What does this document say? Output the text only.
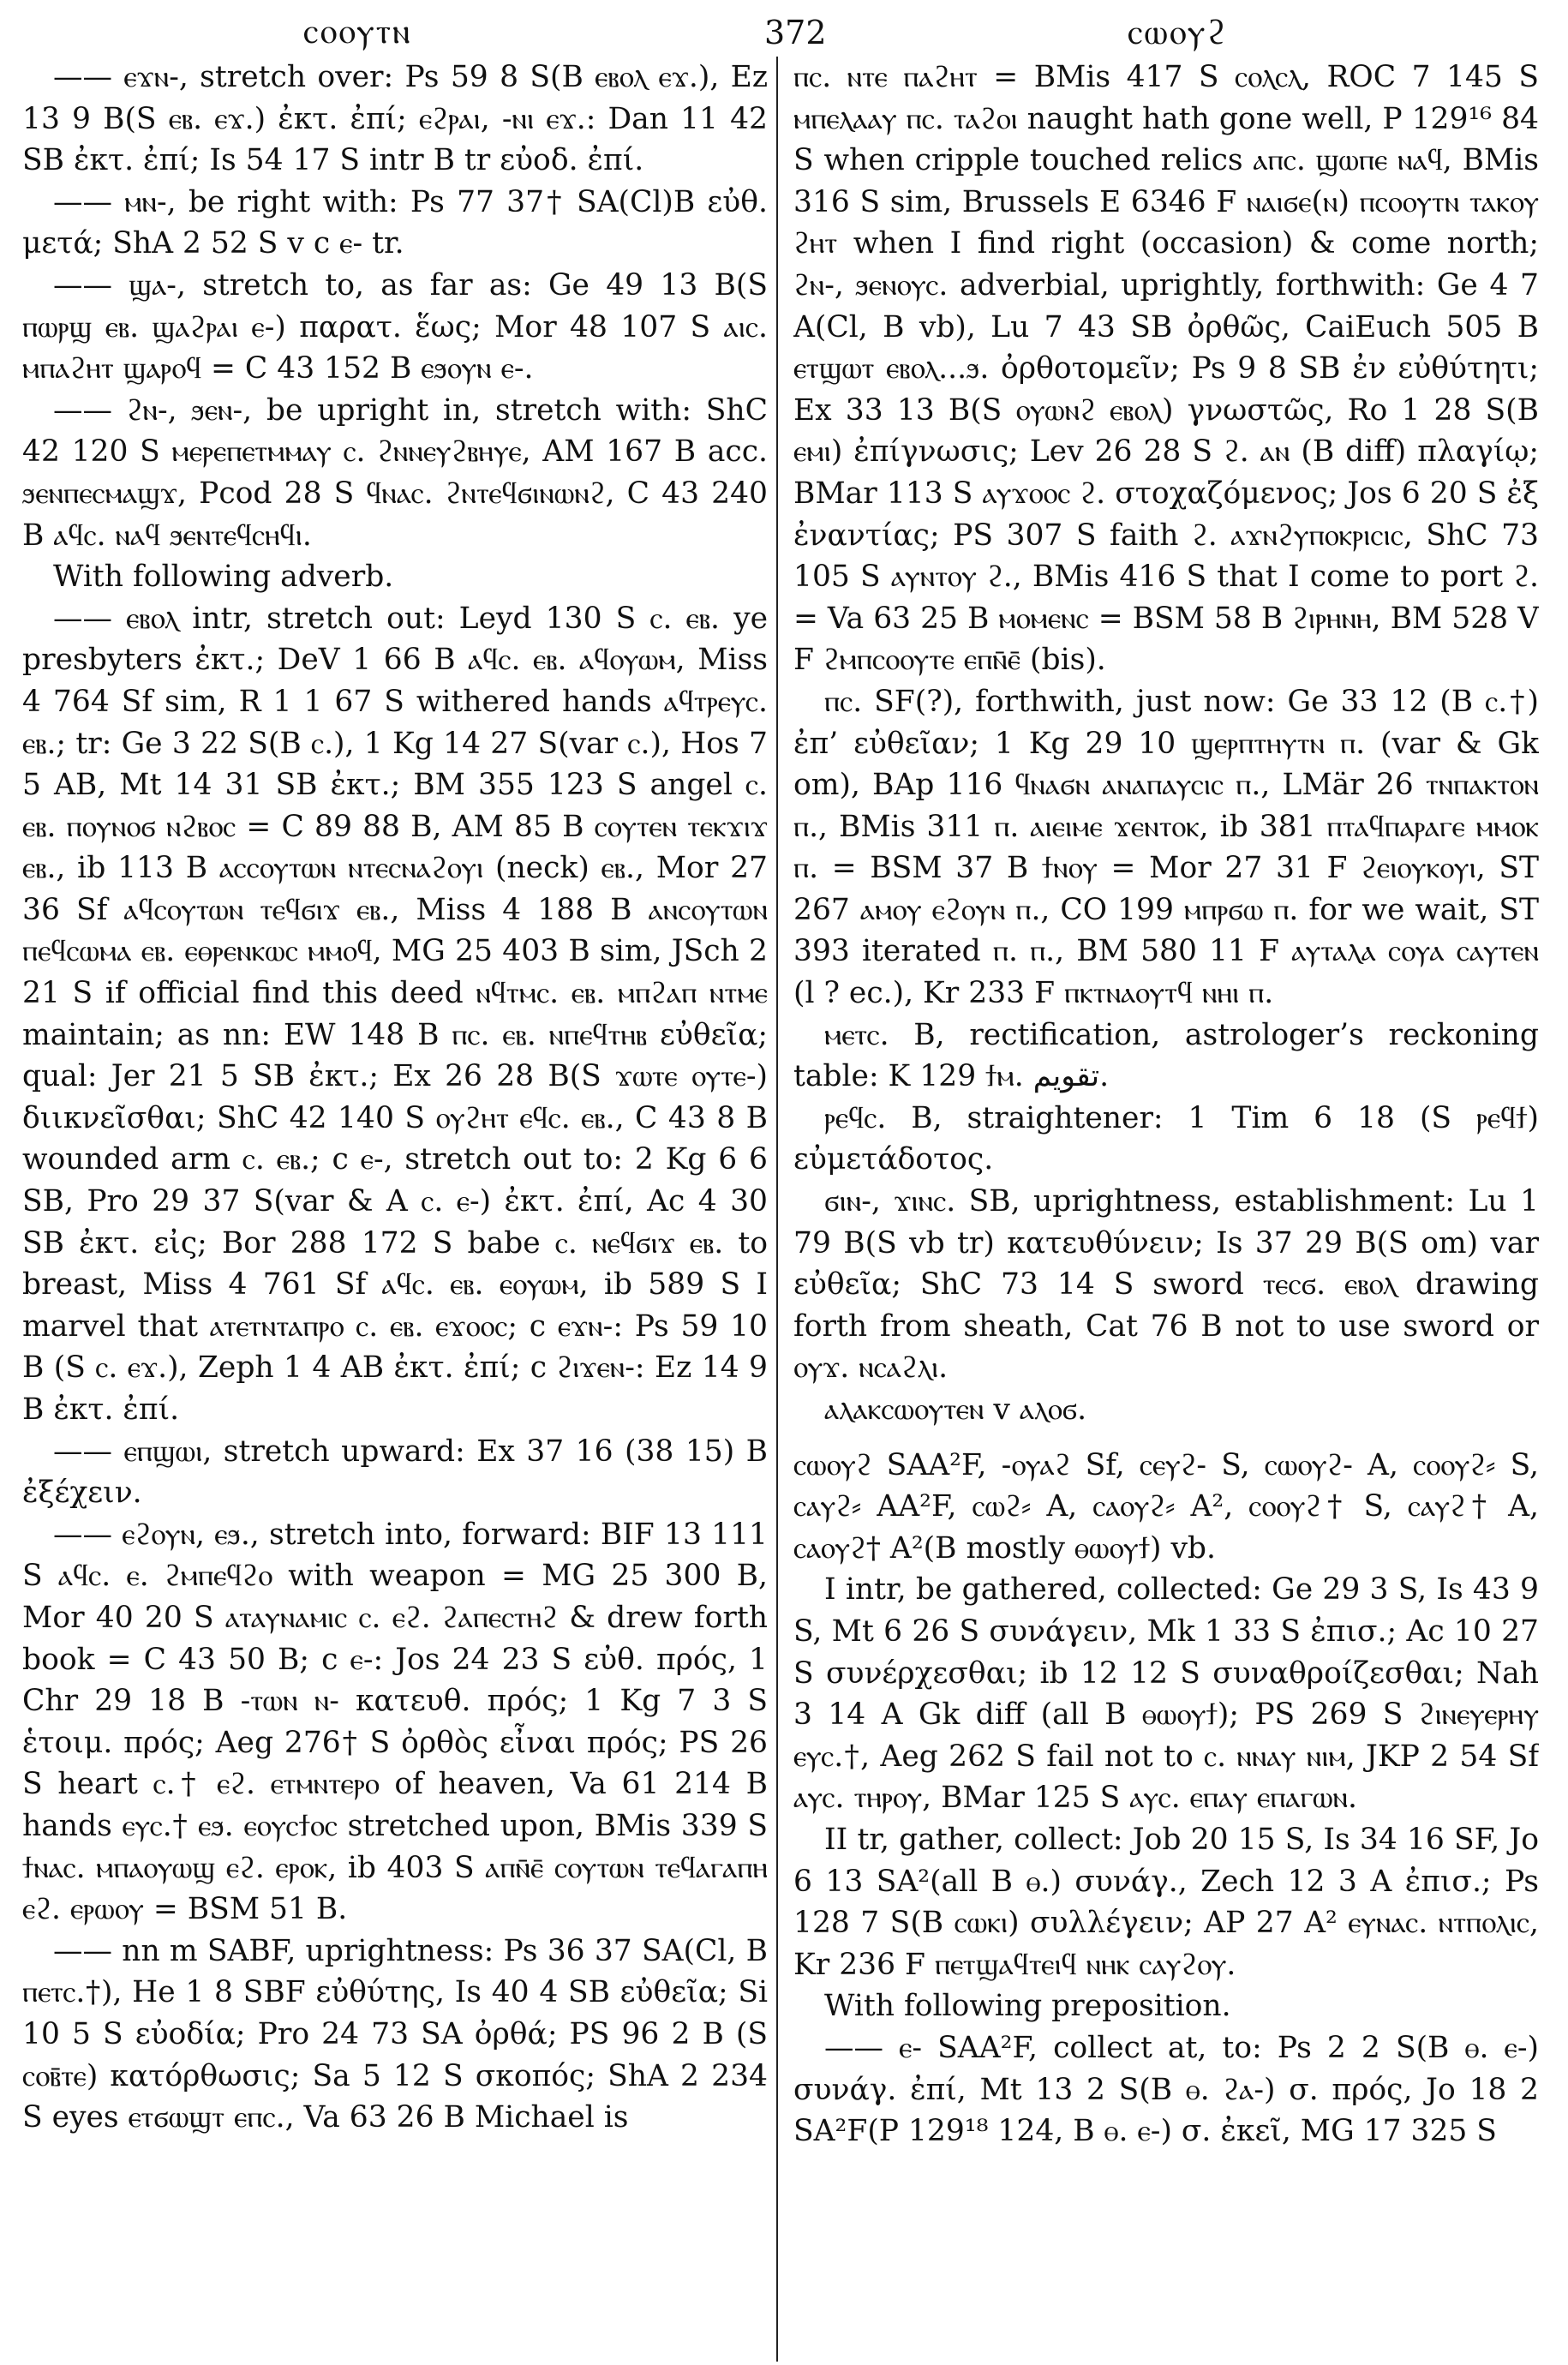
ⲥⲟⲟⲩⲧⲛ	372	ⲥⲱⲟⲩϩ

—— ⲉϫⲛ-, stretch over: Ps 59 8 S(B ⲉⲃⲟⲗ ⲉϫ.), Ez 13 9 B(S ⲉⲃ. ⲉϫ.) ἐκτ. ἐπί; ⲉϩⲣⲁⲓ, -ⲛⲓ ⲉϫ.: Dan 11 42 SB ἐκτ. ἐπί; Is 54 17 S intr B tr εὐοδ. ἐπί.

—— ⲙⲛ-, be right with: Ps 77 37† SA(Cl)B εὐθ. μετά; ShA 2 52 S v c ⲉ- tr.

—— ϣⲁ-, stretch to, as far as: Ge 49 13 B(S ⲡⲱⲣϣ ⲉⲃ. ϣⲁϩⲣⲁⲓ ⲉ-) παρατ. ἕως; Mor 48 107 S ⲁⲓⲥ. ⲙⲡⲁϩⲏⲧ ϣⲁⲣⲟϥ = C 43 152 B ⲉϧⲟⲩⲛ ⲉ-.

—— ϩⲛ-, ϧⲉⲛ-, be upright in, stretch with: ShC 42 120 S ⲙⲉⲣⲉⲡⲉⲧⲙⲙⲁⲩ ⲥ. ϩⲛⲛⲉⲩϩⲃⲏⲩⲉ, AM 167 B acc. ϧⲉⲛⲡⲉⲥⲙⲁϣϫ, Pcod 28 S ϥⲛⲁⲥ. ϩⲛⲧⲉϥϭⲓⲛⲱⲛϩ, C 43 240 B ⲁϥⲥ. ⲛⲁϥ ϧⲉⲛⲧⲉϥⲥⲏϥⲓ.

With following adverb.

—— ⲉⲃⲟⲗ intr, stretch out: Leyd 130 S ⲥ. ⲉⲃ. ye presbyters ἐκτ.; DeV 1 66 B ⲁϥⲥ. ⲉⲃ. ⲁϥⲟⲩⲱⲙ, Miss 4 764 Sf sim, R 1 1 67 S withered hands ⲁϥⲧⲣⲉⲩⲥ. ⲉⲃ.; tr: Ge 3 22 S(B ⲥ.), 1 Kg 14 27 S(var ⲥ.), Hos 7 5 AB, Mt 14 31 SB ἐκτ.; BM 355 123 S angel ⲥ. ⲉⲃ. ⲡⲟⲩⲛⲟϭ ⲛϩⲃⲟⲥ = C 89 88 B, AM 85 B ⲥⲟⲩⲧⲉⲛ ⲧⲉⲕϫⲓϫ ⲉⲃ., ib 113 B ⲁⲥⲥⲟⲩⲧⲱⲛ ⲛⲧⲉⲥⲛⲁϩⲟⲩⲓ (neck) ⲉⲃ., Mor 27 36 Sf ⲁϥⲥⲟⲩⲧⲱⲛ ⲧⲉϥϭⲓϫ ⲉⲃ., Miss 4 188 B ⲁⲛⲥⲟⲩⲧⲱⲛ ⲡⲉϥⲥⲱⲙⲁ ⲉⲃ. ⲉⲑⲣⲉⲛⲕⲱⲥ ⲙⲙⲟϥ, MG 25 403 B sim, JSch 2 21 S if official find this deed ⲛϥⲧⲙⲥ. ⲉⲃ. ⲙⲡϩⲁⲡ ⲛⲧⲙⲉ maintain; as nn: EW 148 B ⲡⲥ. ⲉⲃ. ⲛⲡⲉϥⲧⲏⲃ εὐθεῖα; qual: Jer 21 5 SB ἐκτ.; Ex 26 28 B(S ϫⲱⲧⲉ ⲟⲩⲧⲉ-) διικνεῖσθαι; ShC 42 140 S ⲟⲩϩⲏⲧ ⲉϥⲥ. ⲉⲃ., C 43 8 B wounded arm ⲥ. ⲉⲃ.; c ⲉ-, stretch out to: 2 Kg 6 6 SB, Pro 29 37 S(var & A ⲥ. ⲉ-) ἐκτ. ἐπί, Ac 4 30 SB ἐκτ. εἰς; Bor 288 172 S babe ⲥ. ⲛⲉϥϭⲓϫ ⲉⲃ. to breast, Miss 4 761 Sf ⲁϥⲥ. ⲉⲃ. ⲉⲟⲩⲱⲙ, ib 589 S I marvel that ⲁⲧⲉⲧⲛⲧⲁⲡⲣⲟ ⲥ. ⲉⲃ. ⲉϫⲟⲟⲥ; c ⲉϫⲛ-: Ps 59 10 B (S ⲥ. ⲉϫ.), Zeph 1 4 AB ἐκτ. ἐπί; c ϩⲓϫⲉⲛ-: Ez 14 9 B ἐκτ. ἐπί.

—— ⲉⲡϣⲱⲓ, stretch upward: Ex 37 16 (38 15) B ἐξέχειν.

—— ⲉϩⲟⲩⲛ, ⲉϧ., stretch into, forward: BIF 13 111 S ⲁϥⲥ. ⲉ. ϩⲙⲡⲉϥϩⲟ with weapon = MG 25 300 B, Mor 40 20 S ⲁⲧⲁⲩⲛⲁⲙⲓⲥ ⲥ. ⲉϩ. ϩⲁⲡⲉⲥⲧⲏϩ & drew forth book = C 43 50 B; c ⲉ-: Jos 24 23 S εὐθ. πρός, 1 Chr 29 18 B -ⲧⲱⲛ ⲛ- κατευθ. πρός; 1 Kg 7 3 S ἑτοιμ. πρός; Aeg 276† S ὀρθὸς εἶναι πρός; PS 26 S heart ⲥ.† ⲉϩ. ⲉⲧⲙⲛⲧⲉⲣⲟ of heaven, Va 61 214 B hands ⲉⲩⲥ.† ⲉϧ. ⲉⲟⲩⲥϯⲟⲥ stretched upon, BMis 339 S ϯⲛⲁⲥ. ⲙⲡⲁⲟⲩⲱϣ ⲉϩ. ⲉⲣⲟⲕ, ib 403 S ⲁⲡⲛ̄ⲉ̄ ⲥⲟⲩⲧⲱⲛ ⲧⲉϥⲁⲅⲁⲡⲏ ⲉϩ. ⲉⲣⲱⲟⲩ = BSM 51 B.

—— nn m SABF, uprightness: Ps 36 37 SA(Cl, B ⲡⲉⲧⲥ.†), He 1 8 SBF εὐθύτης, Is 40 4 SB εὐθεῖα; Si 10 5 S εὐοδία; Pro 24 73 SA ὀρθά; PS 96 2 B (S ⲥⲟⲃ̄ⲧⲉ) κατόρθωσις; Sa 5 12 S σκοπός; ShA 2 234 S eyes ⲉⲧϭⲱϣⲧ ⲉⲡⲥ., Va 63 26 B Michael is

ⲡⲥ. ⲛⲧⲉ ⲡⲁϩⲏⲧ = BMis 417 S ⲥⲟⲗⲥⲗ, ROC 7 145 S ⲙⲡⲉⲗⲁⲁⲩ ⲡⲥ. ⲧⲁϩⲟⲓ naught hath gone well, P 129¹⁶ 84 S when cripple touched relics ⲁⲡⲥ. ϣⲱⲡⲉ ⲛⲁϥ, BMis 316 S sim, Brussels E 6346 F ⲛⲁⲓϭⲉ(ⲛ) ⲡⲥⲟⲟⲩⲧⲛ ⲧⲁⲕⲟⲩ ϩⲏⲧ when I find right (occasion) & come north; ϩⲛ-, ϧⲉⲛⲟⲩⲥ. adverbial, uprightly, forthwith: Ge 4 7 A(Cl, B vb), Lu 7 43 SB ὀρθῶς, CaiEuch 505 B ⲉⲧϣⲱⲧ ⲉⲃⲟⲗ...ϧ. ὀρθοτομεῖν; Ps 9 8 SB ἐν εὐθύτητι; Ex 33 13 B(S ⲟⲩⲱⲛϩ ⲉⲃⲟⲗ) γνωστῶς, Ro 1 28 S(B ⲉⲙⲓ) ἐπίγνωσις; Lev 26 28 S ϩ. ⲁⲛ (B diff) πλαγίῳ; BMar 113 S ⲁⲩϫⲟⲟⲥ ϩ. στοχαζόμενος; Jos 6 20 S ἐξ ἐναντίας; PS 307 S faith ϩ. ⲁϫⲛϩⲩⲡⲟⲕⲣⲓⲥⲓⲥ, ShC 73 105 S ⲁⲩⲛⲧⲟⲩ ϩ., BMis 416 S that I come to port ϩ. = Va 63 25 B ⲙⲟⲙⲉⲛⲥ = BSM 58 B ϩⲓⲣⲏⲛⲏ, BM 528 V F ϩⲙⲡⲥⲟⲟⲩⲧⲉ ⲉⲡⲛ̄ⲉ̄ (bis).

ⲡⲥ. SF(?), forthwith, just now: Ge 33 12 (B ⲥ.†) ἐπ’ εὐθεῖαν; 1 Kg 29 10 ϣⲉⲣⲡⲧⲏⲩⲧⲛ ⲡ. (var & Gk om), BAp 116 ϥⲛⲁϭⲛ ⲁⲛⲁⲡⲁⲩⲥⲓⲥ ⲡ., LMär 26 ⲧⲛⲡⲁⲕⲧⲟⲛ ⲡ., BMis 311 ⲡ. ⲁⲓⲉⲓⲙⲉ ϫⲉⲛⲧⲟⲕ, ib 381 ⲡⲧⲁϥⲡⲁⲣⲁⲅⲉ ⲙⲙⲟⲕ ⲡ. = BSM 37 B ϯⲛⲟⲩ = Mor 27 31 F ϩⲉⲓⲟⲩⲕⲟⲩⲓ, ST 267 ⲁⲙⲟⲩ ⲉϩⲟⲩⲛ ⲡ., CO 199 ⲙⲡⲣϭⲱ ⲡ. for we wait, ST 393 iterated ⲡ. ⲡ., BM 580 11 F ⲁⲩⲧⲁⲗⲁ ⲥⲟⲩⲁ ⲥⲁⲩⲧⲉⲛ (l ? ec.), Kr 233 F ⲡⲕⲧⲛⲁⲟⲩⲧϥ ⲛⲏⲓ ⲡ.

ⲙⲉⲧⲥ. B, rectification, astrologer’s reckoning table: K 129 ϯⲙ. تقويم.

ⲣⲉϥⲥ. B, straightener: 1 Tim 6 18 (S ⲣⲉϥϯ) εὐμετάδοτος.

ϭⲓⲛ-, ϫⲓⲛⲥ. SB, uprightness, establishment: Lu 1 79 B(S vb tr) κατευθύνειν; Is 37 29 B(S om) var εὐθεῖα; ShC 73 14 S sword ⲧⲉⲥϭ. ⲉⲃⲟⲗ drawing forth from sheath, Cat 76 B not to use sword or ⲟⲩϫ. ⲛⲥⲁϩⲗⲓ.

ⲁⲗⲁⲕⲥⲱⲟⲩⲧⲉⲛ v ⲁⲗⲟϭ.

ⲥⲱⲟⲩϩ SAA²F, -ⲟⲩⲁϩ Sf, ⲥⲉⲩϩ- S, ⲥⲱⲟⲩϩ- A, ⲥⲟⲟⲩϩ⸗ S, ⲥⲁⲩϩ⸗ AA²F, ⲥⲱϩ⸗ A, ⲥⲁⲟⲩϩ⸗ A², ⲥⲟⲟⲩϩ† S, ⲥⲁⲩϩ† A, ⲥⲁⲟⲩϩ† A²(B mostly ⲑⲱⲟⲩϯ) vb.

I intr, be gathered, collected: Ge 29 3 S, Is 43 9 S, Mt 6 26 S συνάγειν, Mk 1 33 S ἐπισ.; Ac 10 27 S συνέρχεσθαι; ib 12 12 S συναθροίζεσθαι; Nah 3 14 A Gk diff (all B ⲑⲱⲟⲩϯ); PS 269 S ϩⲓⲛⲉⲩⲉⲣⲏⲩ ⲉⲩⲥ.†, Aeg 262 S fail not to ⲥ. ⲛⲛⲁⲩ ⲛⲓⲙ, JKP 2 54 Sf ⲁⲩⲥ. ⲧⲏⲣⲟⲩ, BMar 125 S ⲁⲩⲥ. ⲉⲡⲁⲩ ⲉⲡⲁⲅⲱⲛ.

II tr, gather, collect: Job 20 15 S, Is 34 16 SF, Jo 6 13 SA²(all B ⲑ.) συνάγ., Zech 12 3 A ἐπισ.; Ps 128 7 S(B ⲥⲱⲕⲓ) συλλέγειν; AP 27 A² ⲉⲩⲛⲁⲥ. ⲛⲧⲡⲟⲗⲓⲥ, Kr 236 F ⲡⲉⲧϣⲁϥⲧⲉⲓϥ ⲛⲏⲕ ⲥⲁⲩϩⲟⲩ.

With following preposition.

—— ⲉ- SAA²F, collect at, to: Ps 2 2 S(B ⲑ. ⲉ-) συνάγ. ἐπί, Mt 13 2 S(B ⲑ. ϩⲁ-) σ. πρός, Jo 18 2 SA²F(P 129¹⁸ 124, B ⲑ. ⲉ-) σ. ἐκεῖ, MG 17 325 S
